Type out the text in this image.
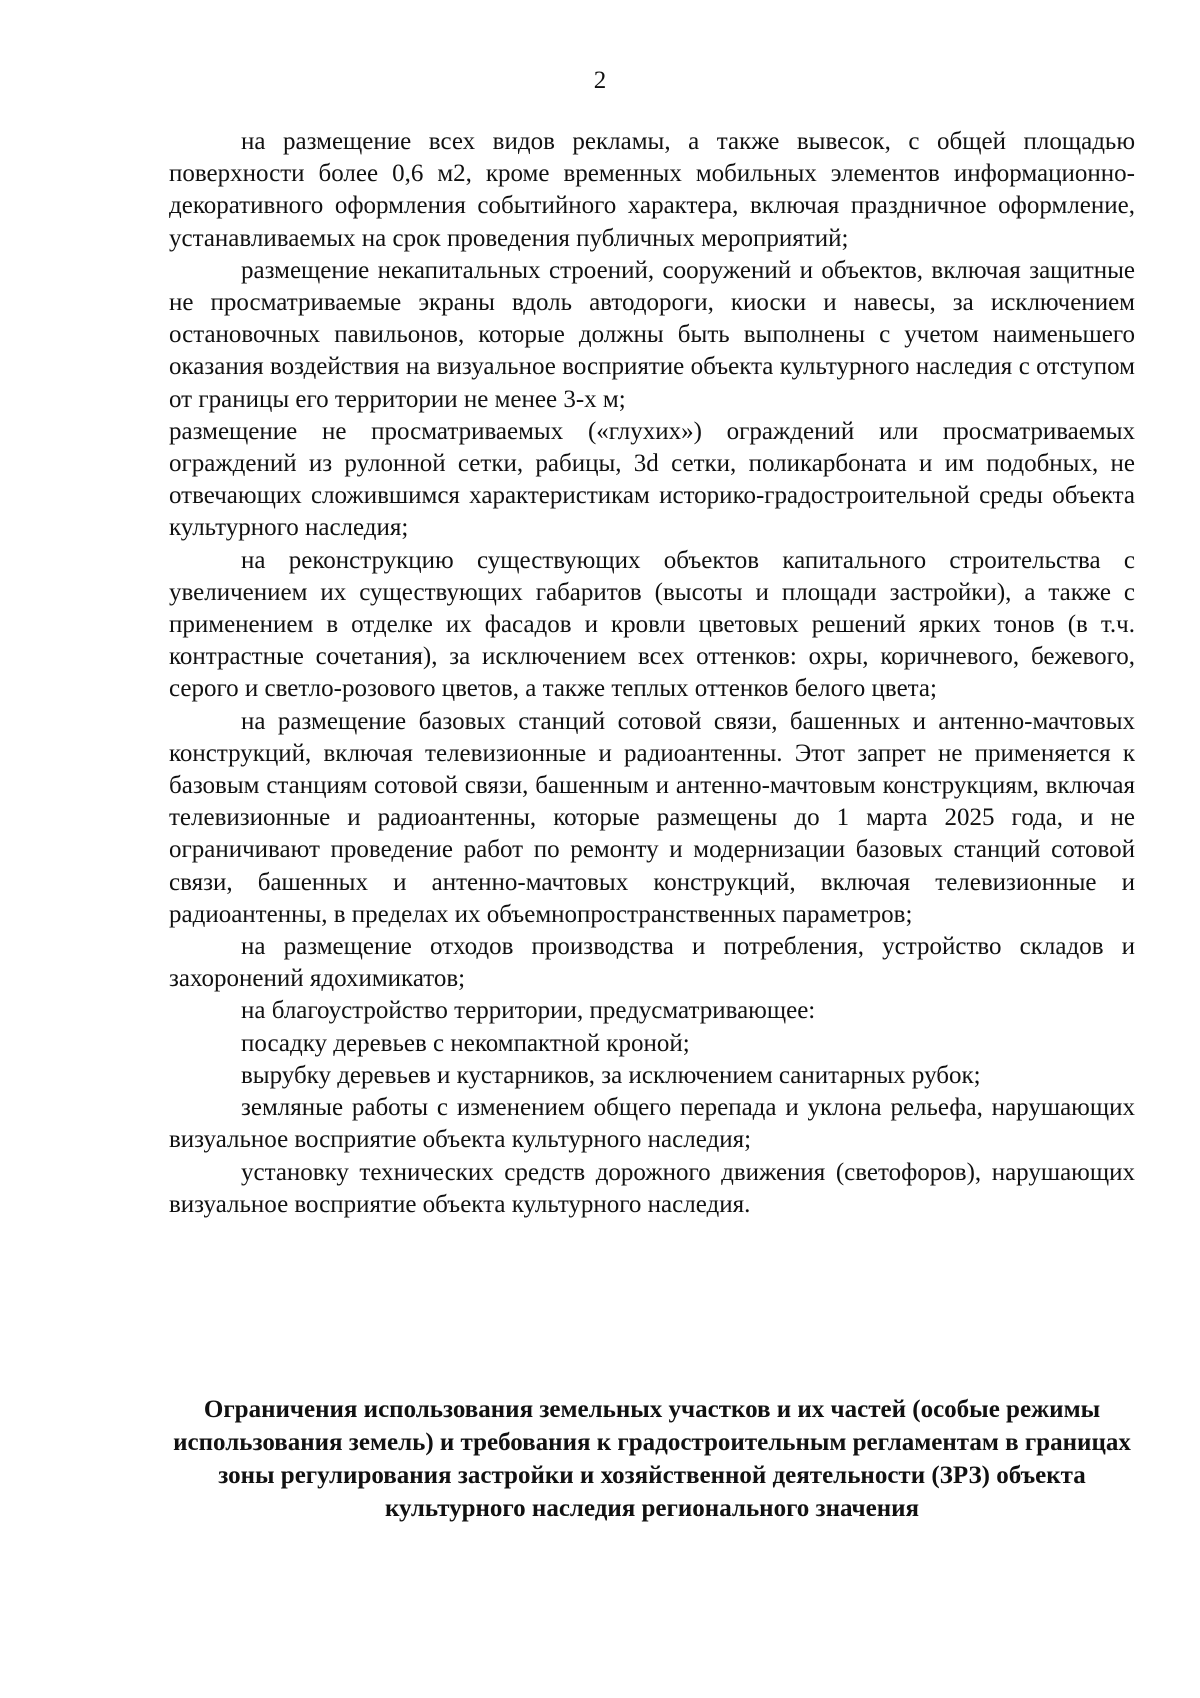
2

на размещение всех видов рекламы, а также вывесок, с общей площадью поверхности более 0,6 м2, кроме временных мобильных элементов информационно-декоративного оформления событийного характера, включая праздничное оформление, устанавливаемых на срок проведения публичных мероприятий;

размещение некапитальных строений, сооружений и объектов, включая защитные не просматриваемые экраны вдоль автодороги, киоски и навесы, за исключением остановочных павильонов, которые должны быть выполнены с учетом наименьшего оказания воздействия на визуальное восприятие объекта культурного наследия с отступом от границы его территории не менее 3-х м;

размещение не просматриваемых («глухих») ограждений или просматриваемых ограждений из рулонной сетки, рабицы, 3d сетки, поликарбоната и им подобных, не отвечающих сложившимся характеристикам историко-градостроительной среды объекта культурного наследия;

на реконструкцию существующих объектов капитального строительства с увеличением их существующих габаритов (высоты и площади застройки), а также с применением в отделке их фасадов и кровли цветовых решений ярких тонов (в т.ч. контрастные сочетания), за исключением всех оттенков: охры, коричневого, бежевого, серого и светло-розового цветов, а также теплых оттенков белого цвета;

на размещение базовых станций сотовой связи, башенных и антенно-мачтовых конструкций, включая телевизионные и радиоантенны. Этот запрет не применяется к базовым станциям сотовой связи, башенным и антенно-мачтовым конструкциям, включая телевизионные и радиоантенны, которые размещены до 1 марта 2025 года, и не ограничивают проведение работ по ремонту и модернизации базовых станций сотовой связи, башенных и антенно-мачтовых конструкций, включая телевизионные и радиоантенны, в пределах их объемнопространственных параметров;

на размещение отходов производства и потребления, устройство складов и захоронений ядохимикатов;

на благоустройство территории, предусматривающее:

посадку деревьев с некомпактной кроной;

вырубку деревьев и кустарников, за исключением санитарных рубок;

земляные работы с изменением общего перепада и уклона рельефа, нарушающих визуальное восприятие объекта культурного наследия;

установку технических средств дорожного движения (светофоров), нарушающих визуальное восприятие объекта культурного наследия.

Ограничения использования земельных участков и их частей (особые режимы использования земель) и требования к градостроительным регламентам в границах зоны регулирования застройки и хозяйственной деятельности (ЗРЗ) объекта культурного наследия регионального значения
